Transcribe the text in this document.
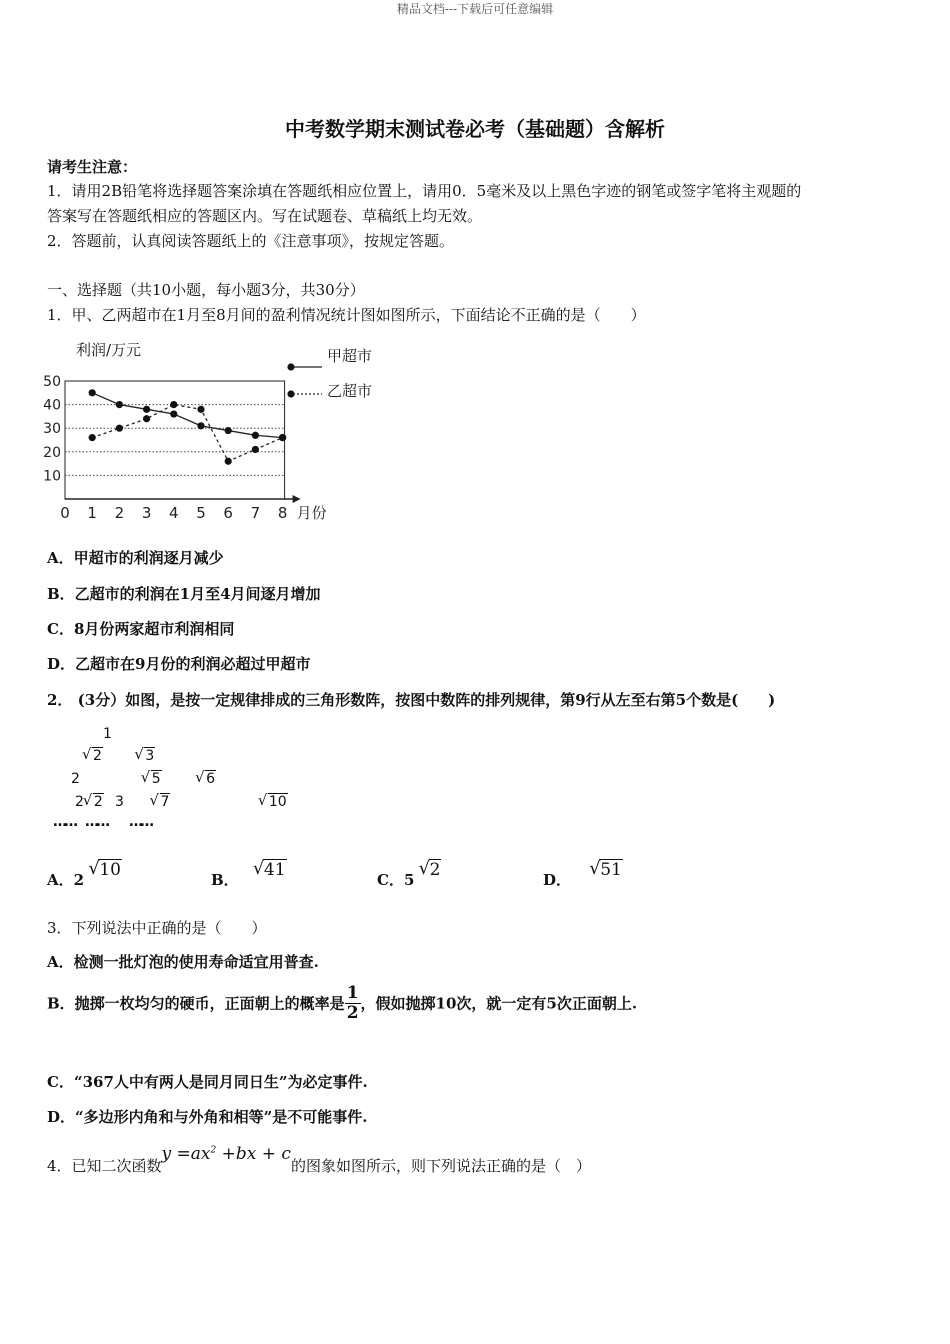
精品文档---下载后可任意编辑
中考数学期末测试卷必考（基础题）含解析
请考生注意：
1．请用2B铅笔将选择题答案涂填在答题纸相应位置上，请用0．5毫米及以上黑色字迹的钢笔或签字笔将主观题的
答案写在答题纸相应的答题区内。写在试题卷、草稿纸上均无效。
2．答题前，认真阅读答题纸上的《注意事项》，按规定答题。
一、选择题（共10小题，每小题3分，共30分）
1．甲、乙两超市在1月至8月间的盈利情况统计图如图所示，下面结论不正确的是（　　）
10
20
30
40
50
0 1 2 3 4 5 6 7 8
利润/万元
月份
甲超市
乙超市
A．甲超市的利润逐月减少
B．乙超市的利润在1月至4月间逐月增加
C．8月份两家超市利润相同
D．乙超市在9月份的利润必超过甲超市
2． (3分）如图，是按一定规律排成的三角形数阵，按图中数阵的排列规律，第9行从左至右第5个数是(　　)
1
√ 2	√ 3
2	√ 5	√ 6 √ 7
2 √ 2 3	√ 10
…… …… ……
A．2 √ 10	B． √ 41	C．5 √ 2	D． √ 51
3．下列说法中正确的是（　　）
A．检测一批灯泡的使用寿命适宜用普查.
B．抛掷一枚均匀的硬币，正面朝上的概率是 $\frac{1}{2}$ ，假如抛掷10次，就一定有5次正面朝上.
C．“367人中有两人是同月同日生”为必定事件.
D．“多边形内角和与外角和相等”是不可能事件.
4．已知二次函数$y =ax^2 +bx + c$的图象如图所示，则下列说法正确的是（　）
